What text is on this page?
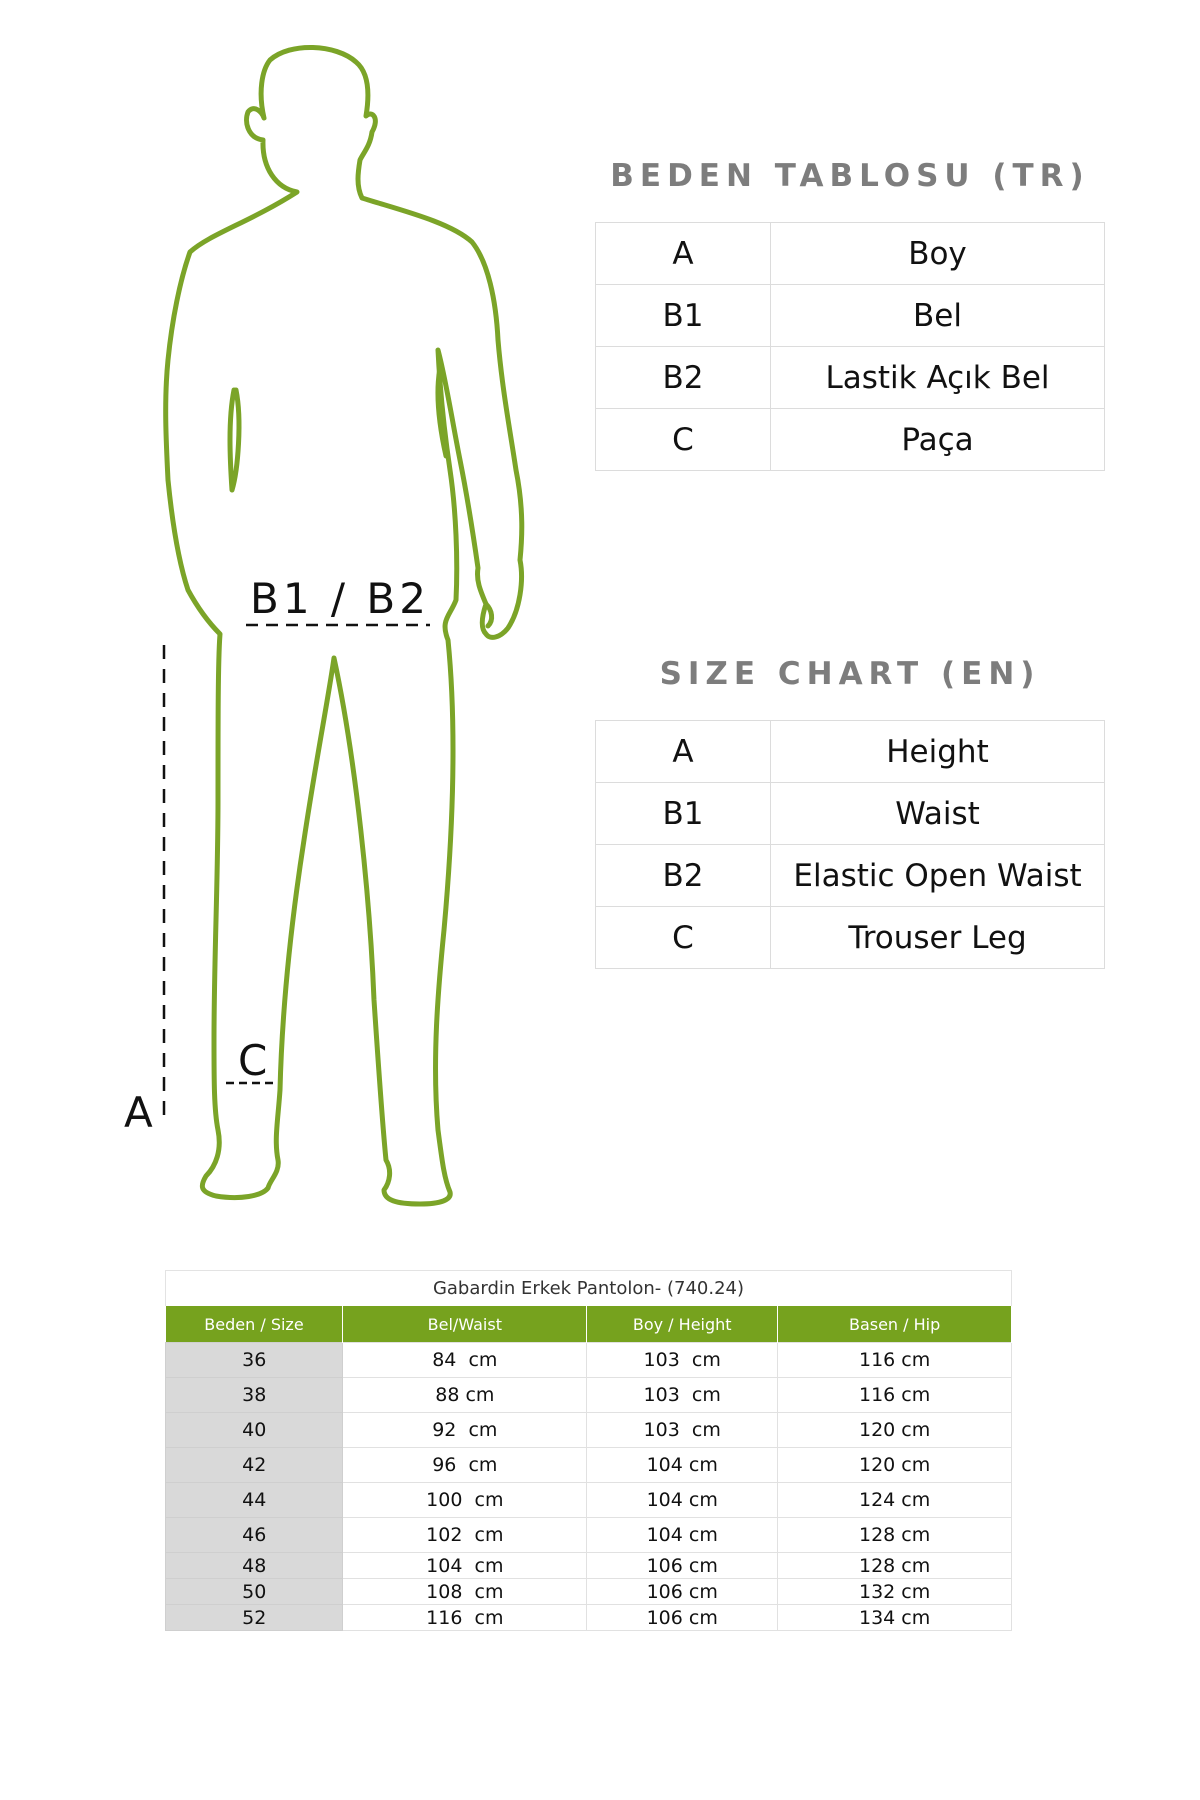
B1 / B2
C
A
BEDEN TABLOSU (TR)
A	Boy
B1	Bel
B2	Lastik Açık Bel
C	Paça
SIZE CHART (EN)
A	Height
B1	Waist
B2	Elastic Open Waist
C	Trouser Leg
Gabardin Erkek Pantolon- (740.24)
Beden / Size	Bel/Waist	Boy / Height	Basen / Hip
36	84  cm	103  cm	116 cm
38	88 cm	103  cm	116 cm
40	92  cm	103  cm	120 cm
42	96  cm	104 cm	120 cm
44	100  cm	104 cm	124 cm
46	102  cm	104 cm	128 cm
48	104  cm	106 cm	128 cm
50	108  cm	106 cm	132 cm
52	116  cm	106 cm	134 cm
